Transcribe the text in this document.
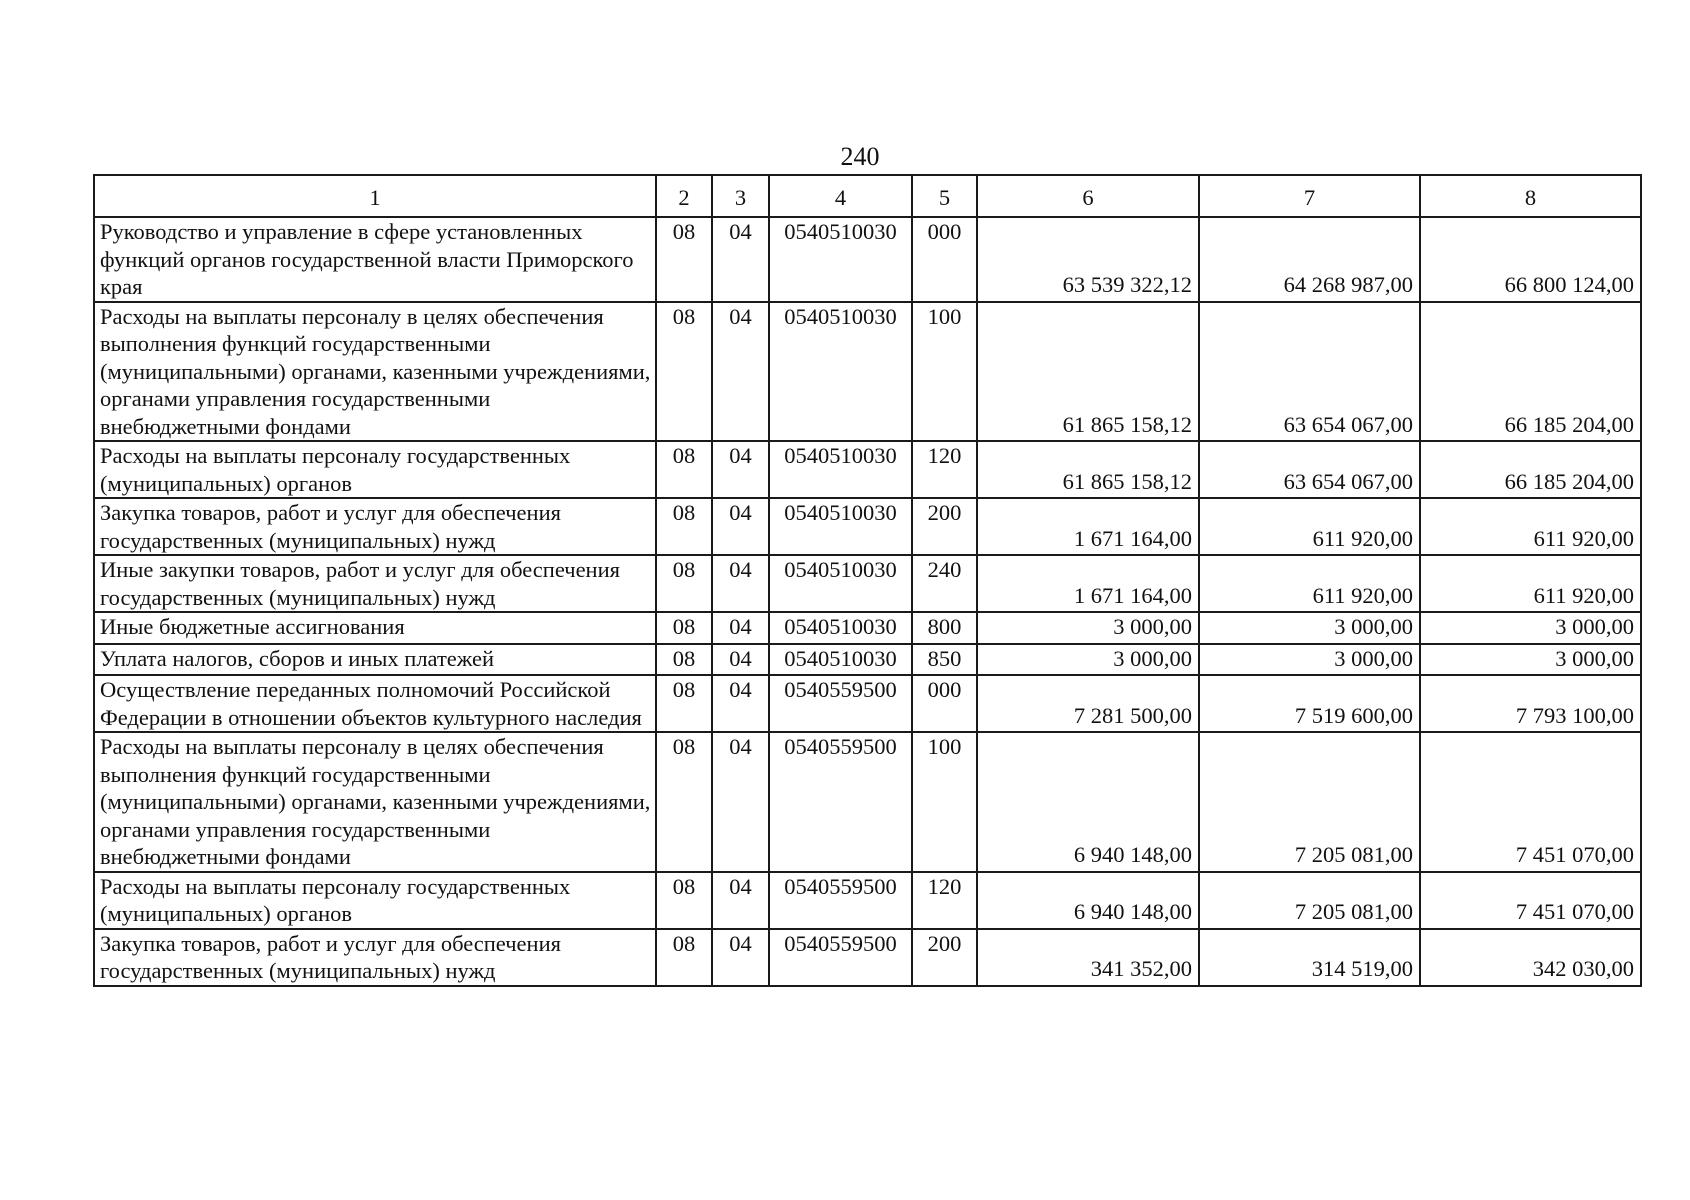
240
1	2	3	4	5	6	7	8
Руководство и управление в сфере установленных функций органов государственной власти Приморского края	08	04	0540510030	000	63 539 322,12	64 268 987,00	66 800 124,00
Расходы на выплаты персоналу в целях обеспечения выполнения функций государственными (муниципальными) органами, казенными учреждениями, органами управления государственными внебюджетными фондами	08	04	0540510030	100	61 865 158,12	63 654 067,00	66 185 204,00
Расходы на выплаты персоналу государственных (муниципальных) органов	08	04	0540510030	120	61 865 158,12	63 654 067,00	66 185 204,00
Закупка товаров, работ и услуг для обеспечения государственных (муниципальных) нужд	08	04	0540510030	200	1 671 164,00	611 920,00	611 920,00
Иные закупки товаров, работ и услуг для обеспечения государственных (муниципальных) нужд	08	04	0540510030	240	1 671 164,00	611 920,00	611 920,00
Иные бюджетные ассигнования	08	04	0540510030	800	3 000,00	3 000,00	3 000,00
Уплата налогов, сборов и иных платежей	08	04	0540510030	850	3 000,00	3 000,00	3 000,00
Осуществление переданных полномочий Российской Федерации в отношении объектов культурного наследия	08	04	0540559500	000	7 281 500,00	7 519 600,00	7 793 100,00
Расходы на выплаты персоналу в целях обеспечения выполнения функций государственными (муниципальными) органами, казенными учреждениями, органами управления государственными внебюджетными фондами	08	04	0540559500	100	6 940 148,00	7 205 081,00	7 451 070,00
Расходы на выплаты персоналу государственных (муниципальных) органов	08	04	0540559500	120	6 940 148,00	7 205 081,00	7 451 070,00
Закупка товаров, работ и услуг для обеспечения государственных (муниципальных) нужд	08	04	0540559500	200	341 352,00	314 519,00	342 030,00
